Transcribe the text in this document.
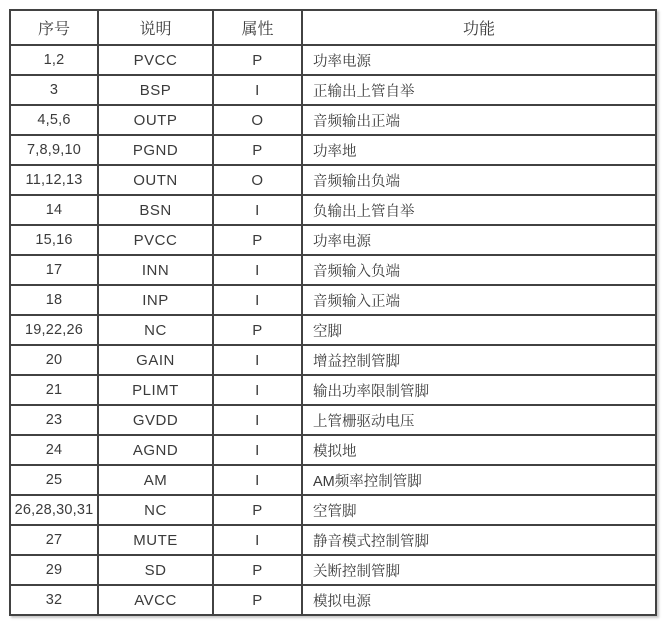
序号	说明	属性	功能
1,2	PVCC	P	功率电源
3	BSP	I	正输出上管自举
4,5,6	OUTP	O	音频输出正端
7,8,9,10	PGND	P	功率地
11,12,13	OUTN	O	音频输出负端
14	BSN	I	负输出上管自举
15,16	PVCC	P	功率电源
17	INN	I	音频输入负端
18	INP	I	音频输入正端
19,22,26	NC	P	空脚
20	GAIN	I	增益控制管脚
21	PLIMT	I	输出功率限制管脚
23	GVDD	I	上管栅驱动电压
24	AGND	I	模拟地
25	AM	I	AM频率控制管脚
26,28,30,31	NC	P	空管脚
27	MUTE	I	静音模式控制管脚
29	SD	P	关断控制管脚
32	AVCC	P	模拟电源
